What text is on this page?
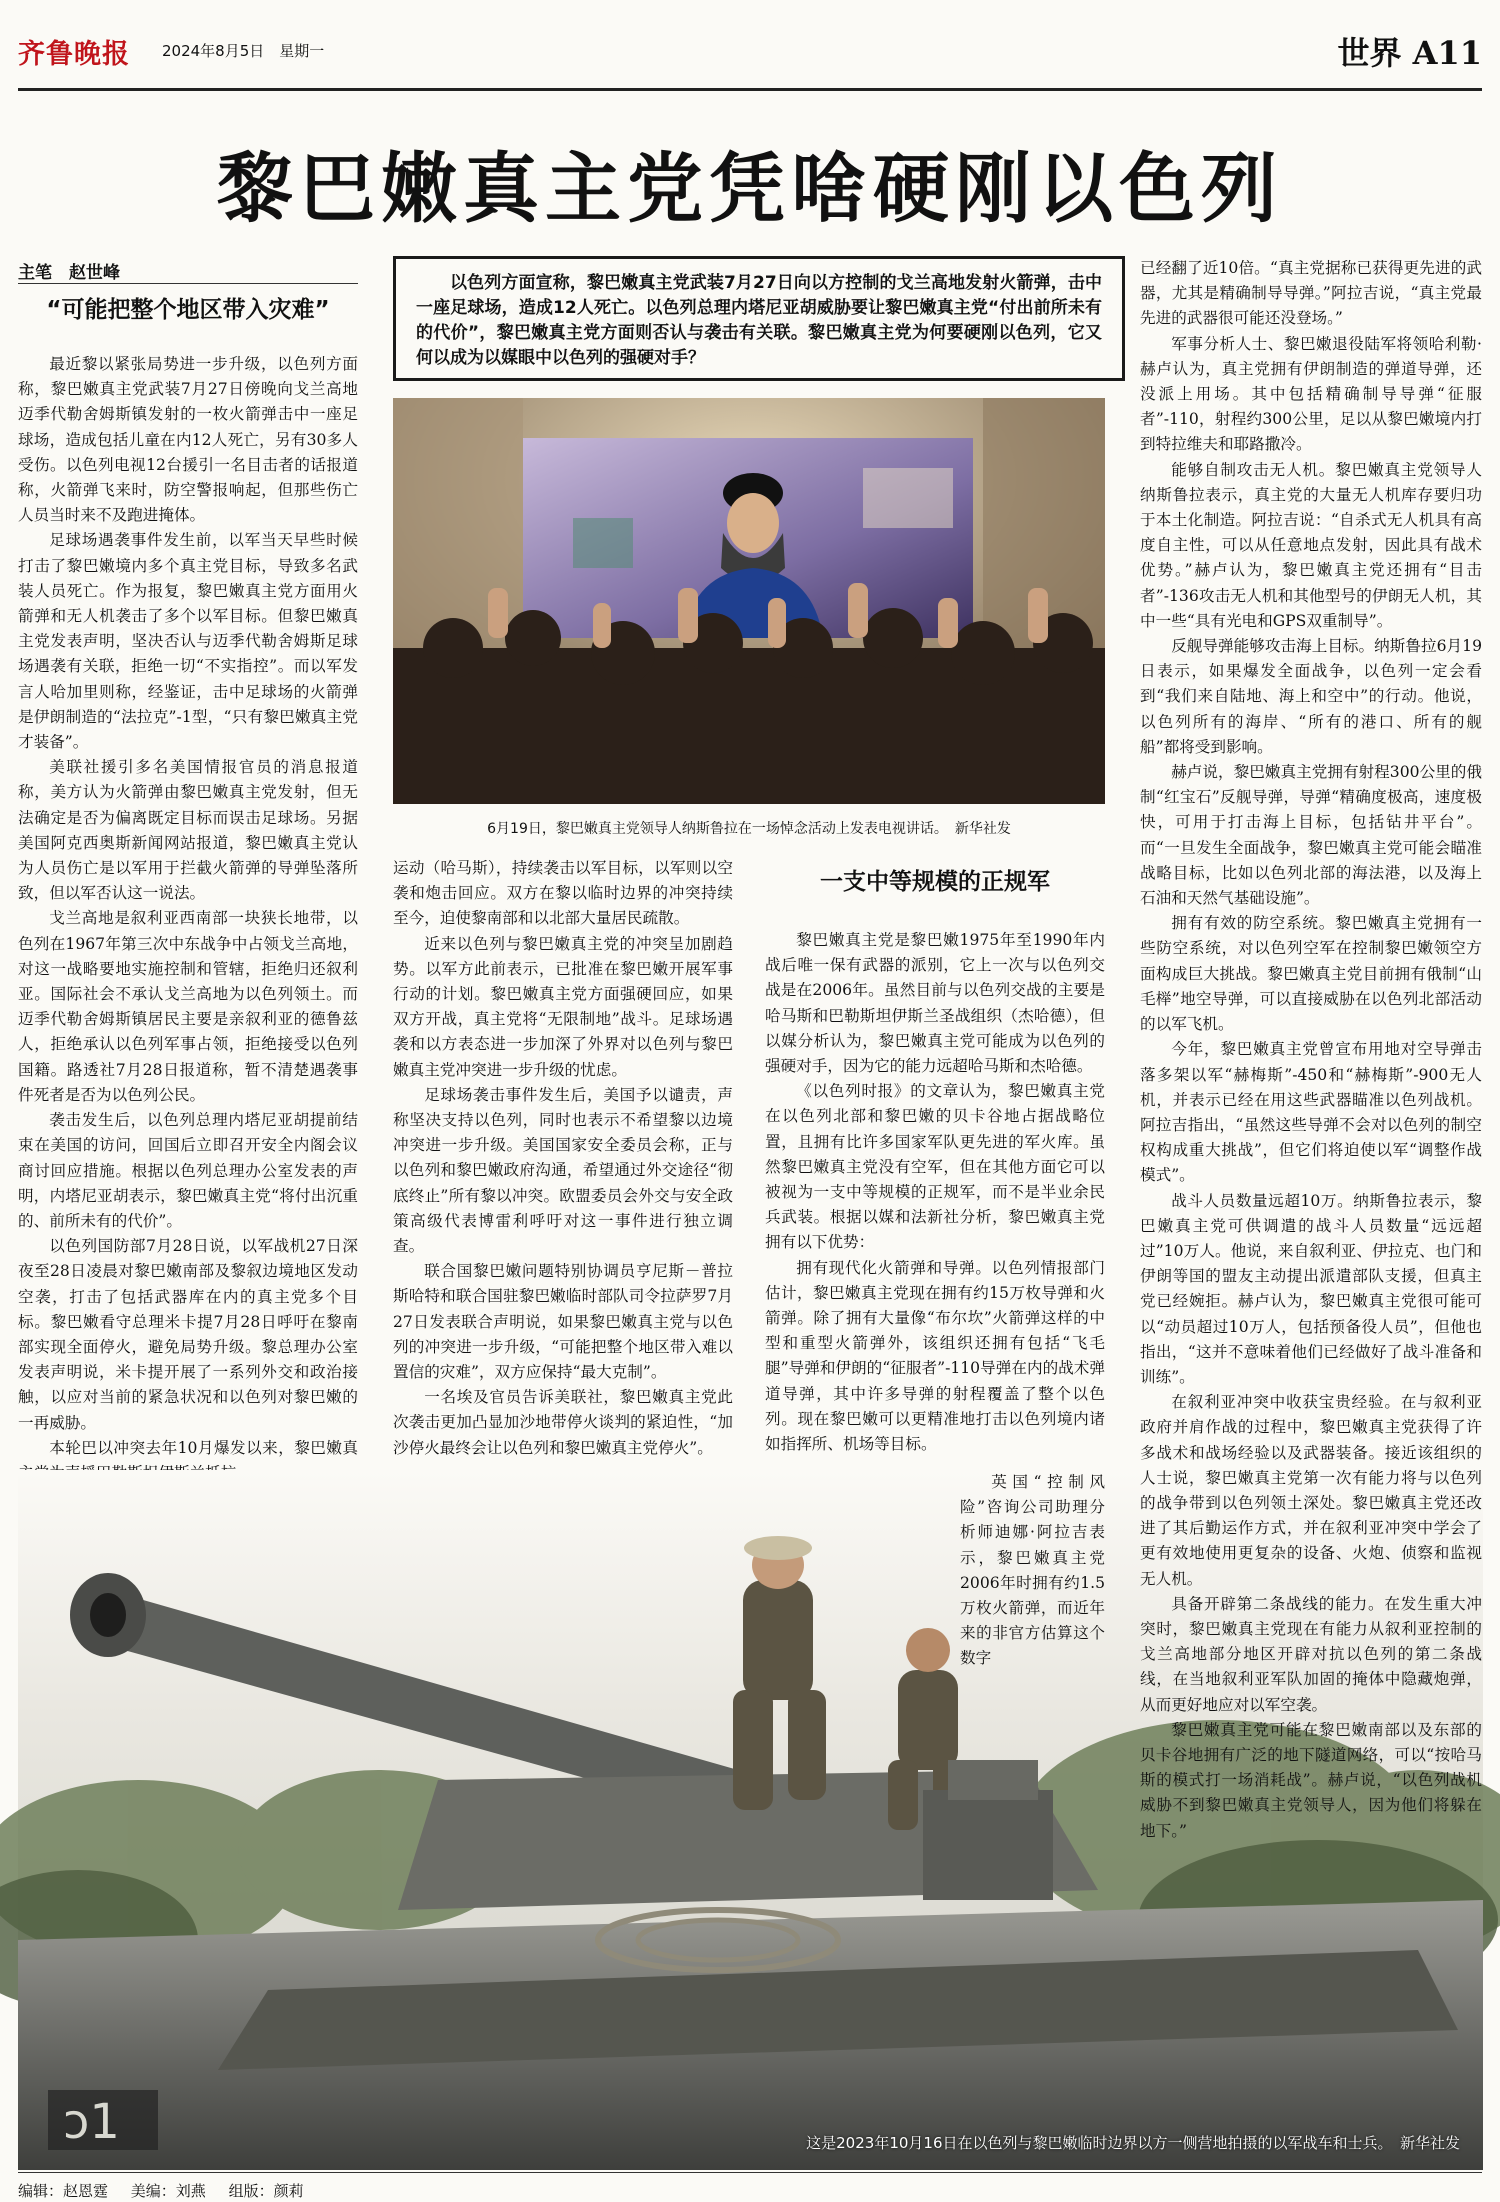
齐鲁晚报 2024年8月5日　 星期一	世界 A11
黎巴嫩真主党凭啥硬刚以色列
主笔　赵世峰	以色列方面宣称，黎巴嫩真主党武装7月27日向以方控制的戈兰高地发射火箭弹，击中一座足球场，造成12人死亡。以色列总理内塔尼亚胡威胁要让黎巴嫩真主党“付出前所未有的代价”，黎巴嫩真主党方面则否认与袭击有关联。黎巴嫩真主党为何要硬刚以色列，它又何以成为以媒眼中以色列的强硬对手？
6月19日，黎巴嫩真主党领导人纳斯鲁拉在一场悼念活动上发表电视讲话。　新华社发
“可能把整个地区带入灾难”

最近黎以紧张局势进一步升级，以色列方面称，黎巴嫩真主党武装7月27日傍晚向戈兰高地迈季代勒舍姆斯镇发射的一枚火箭弹击中一座足球场，造成包括儿童在内12人死亡，另有30多人受伤。以色列电视12台援引一名目击者的话报道称，火箭弹飞来时，防空警报响起，但那些伤亡人员当时来不及跑进掩体。

足球场遇袭事件发生前，以军当天早些时候打击了黎巴嫩境内多个真主党目标，导致多名武装人员死亡。作为报复，黎巴嫩真主党方面用火箭弹和无人机袭击了多个以军目标。但黎巴嫩真主党发表声明，坚决否认与迈季代勒舍姆斯足球场遇袭有关联，拒绝一切“不实指控”。而以军发言人哈加里则称，经鉴证，击中足球场的火箭弹是伊朗制造的“法拉克”-1型，“只有黎巴嫩真主党才装备”。

美联社援引多名美国情报官员的消息报道称，美方认为火箭弹由黎巴嫩真主党发射，但无法确定是否为偏离既定目标而误击足球场。另据美国阿克西奥斯新闻网站报道，黎巴嫩真主党认为人员伤亡是以军用于拦截火箭弹的导弹坠落所致，但以军否认这一说法。

戈兰高地是叙利亚西南部一块狭长地带，以色列在1967年第三次中东战争中占领戈兰高地，对这一战略要地实施控制和管辖，拒绝归还叙利亚。国际社会不承认戈兰高地为以色列领土。而迈季代勒舍姆斯镇居民主要是亲叙利亚的德鲁兹人，拒绝承认以色列军事占领，拒绝接受以色列国籍。路透社7月28日报道称，暂不清楚遇袭事件死者是否为以色列公民。

袭击发生后，以色列总理内塔尼亚胡提前结束在美国的访问，回国后立即召开安全内阁会议商讨回应措施。根据以色列总理办公室发表的声明，内塔尼亚胡表示，黎巴嫩真主党“将付出沉重的、前所未有的代价”。

以色列国防部7月28日说，以军战机27日深夜至28日凌晨对黎巴嫩南部及黎叙边境地区发动空袭，打击了包括武器库在内的真主党多个目标。黎巴嫩看守总理米卡提7月28日呼吁在黎南部实现全面停火，避免局势升级。黎总理办公室发表声明说，米卡提开展了一系列外交和政治接触，以应对当前的紧急状况和以色列对黎巴嫩的一再威胁。

本轮巴以冲突去年10月爆发以来，黎巴嫩真

运动（哈马斯），持续袭击以军目标，以军则以空袭和炮击回应。双方在黎以临时边界的冲突持续至今，迫使黎南部和以北部大量居民疏散。

近来以色列与黎巴嫩真主党的冲突呈加剧趋势。以军方此前表示，已批准在黎巴嫩开展军事行动的计划。黎巴嫩真主党方面强硬回应，如果双方开战，真主党将“无限制地”战斗。足球场遇袭和以方表态进一步加深了外界对以色列与黎巴嫩真主党冲突进一步升级的忧虑。

足球场袭击事件发生后，美国予以谴责，声称坚决支持以色列，同时也表示不希望黎以边境冲突进一步升级。美国国家安全委员会称，正与以色列和黎巴嫩政府沟通，希望通过外交途径“彻底终止”所有黎以冲突。欧盟委员会外交与安全政策高级代表博雷利呼吁对这一事件进行独立调查。

联合国黎巴嫩问题特别协调员亨尼斯－普拉斯哈特和联合国驻黎巴嫩临时部队司令拉萨罗7月27日发表联合声明说，如果黎巴嫩真主党与以色列的冲突进一步升级，“可能把整个地区带入难以置信的灾难”，双方应保持“最大克制”。

一名埃及官员告诉美联社，黎巴嫩真主党此次袭击更加凸显加沙地带停火谈判的紧迫性，“加沙停火最终会让以色列和黎巴嫩真主党停火”。

一支中等规模的正规军

黎巴嫩真主党是黎巴嫩1975年至1990年内战后唯一保有武器的派别，它上一次与以色列交战是在2006年。虽然目前与以色列交战的主要是哈马斯和巴勒斯坦伊斯兰圣战组织（杰哈德），但以媒分析认为，黎巴嫩真主党可能成为以色列的强硬对手，因为它的能力远超哈马斯和杰哈德。

《以色列时报》的文章认为，黎巴嫩真主党在以色列北部和黎巴嫩的贝卡谷地占据战略位置，且拥有比许多国家军队更先进的军火库。虽然黎巴嫩真主党没有空军，但在其他方面它可以被视为一支中等规模的正规军，而不是半业余民兵武装。根据以媒和法新社分析，黎巴嫩真主党拥有以下优势：

拥有现代化火箭弹和导弹。以色列情报部门估计，黎巴嫩真主党现在拥有约15万枚导弹和火箭弹。除了拥有大量像“布尔坎”火箭弹这样的中型和重型火箭弹外，该组织还拥有包括“飞毛腿”导弹和伊朗的“征服者”-110导弹在内的战术弹道导弹，其中许多导弹的射程覆盖了整个以色列。现在黎巴嫩可以更精准地打击以色列境内诸如指挥所、机场等目标。

ɔ1

英国“控制风险”咨询公司助理分析师迪娜·阿拉吉表示，黎巴嫩真主党2006年时拥有约1.5万枚火箭弹，而近年来的非官方估算这个数字

已经翻了近10倍。“真主党据称已获得更先进的武器，尤其是精确制导导弹。”阿拉吉说，“真主党最先进的武器很可能还没登场。”

军事分析人士、黎巴嫩退役陆军将领哈利勒·赫卢认为，真主党拥有伊朗制造的弹道导弹，还没派上用场。其中包括精确制导导弹“征服者”-110，射程约300公里，足以从黎巴嫩境内打到特拉维夫和耶路撒冷。

能够自制攻击无人机。黎巴嫩真主党领导人纳斯鲁拉表示，真主党的大量无人机库存要归功于本土化制造。阿拉吉说：“自杀式无人机具有高度自主性，可以从任意地点发射，因此具有战术优势。”赫卢认为，黎巴嫩真主党还拥有“目击者”-136攻击无人机和其他型号的伊朗无人机，其中一些“具有光电和GPS双重制导”。

反舰导弹能够攻击海上目标。纳斯鲁拉6月19日表示，如果爆发全面战争，以色列一定会看到“我们来自陆地、海上和空中”的行动。他说，以色列所有的海岸、“所有的港口、所有的舰船”都将受到影响。

赫卢说，黎巴嫩真主党拥有射程300公里的俄制“红宝石”反舰导弹，导弹“精确度极高，速度极快，可用于打击海上目标，包括钻井平台”。而“一旦发生全面战争，黎巴嫩真主党可能会瞄准战略目标，比如以色列北部的海法港，以及海上石油和天然气基础设施”。

拥有有效的防空系统。黎巴嫩真主党拥有一些防空系统，对以色列空军在控制黎巴嫩领空方面构成巨大挑战。黎巴嫩真主党目前拥有俄制“山毛榉”地空导弹，可以直接威胁在以色列北部活动的以军飞机。

今年，黎巴嫩真主党曾宣布用地对空导弹击落多架以军“赫梅斯”-450和“赫梅斯”-900无人机，并表示已经在用这些武器瞄准以色列战机。阿拉吉指出，“虽然这些导弹不会对以色列的制空权构成重大挑战”，但它们将迫使以军“调整作战模式”。

战斗人员数量远超10万。纳斯鲁拉表示，黎巴嫩真主党可供调遣的战斗人员数量“远远超过”10万人。他说，来自叙利亚、伊拉克、也门和伊朗等国的盟友主动提出派遣部队支援，但真主党已经婉拒。赫卢认为，黎巴嫩真主党很可能可以“动员超过10万人，包括预备役人员”，但他也指出，“这并不意味着他们已经做好了战斗准备和训练”。

在叙利亚冲突中收获宝贵经验。在与叙利亚政府并肩作战的过程中，黎巴嫩真主党获得了许多战术和战场经验以及武器装备。接近该组织的人士说，黎巴嫩真主党第一次有能力将与以色列的战争带到以色列领土深处。黎巴嫩真主党还改进了其后勤运作方式，并在叙利亚冲突中学会了更有效地使用更复杂的设备、火炮、侦察和监视无人机。

具备开辟第二条战线的能力。在发生重大冲突时，黎巴嫩真主党现在有能力从叙利亚控制的戈兰高地部分地区开辟对抗以色列的第二条战线，在当地叙利亚军队加固的掩体中隐藏炮弹，从而更好地应对以军空袭。

黎巴嫩真主党可能在黎巴嫩南部以及东部的贝卡谷地拥有广泛的地下隧道网络，可以“按哈马斯的模式打一场消耗战”。赫卢说，“以色列战机威胁不到黎巴嫩真主党领导人，因为他们将躲在地下。”

这是2023年10月16日在以色列与黎巴嫩临时边界以方一侧营地拍摄的以军战车和士兵。　新华社发
编辑：赵恩霆 美编：刘燕 组版：颜莉
